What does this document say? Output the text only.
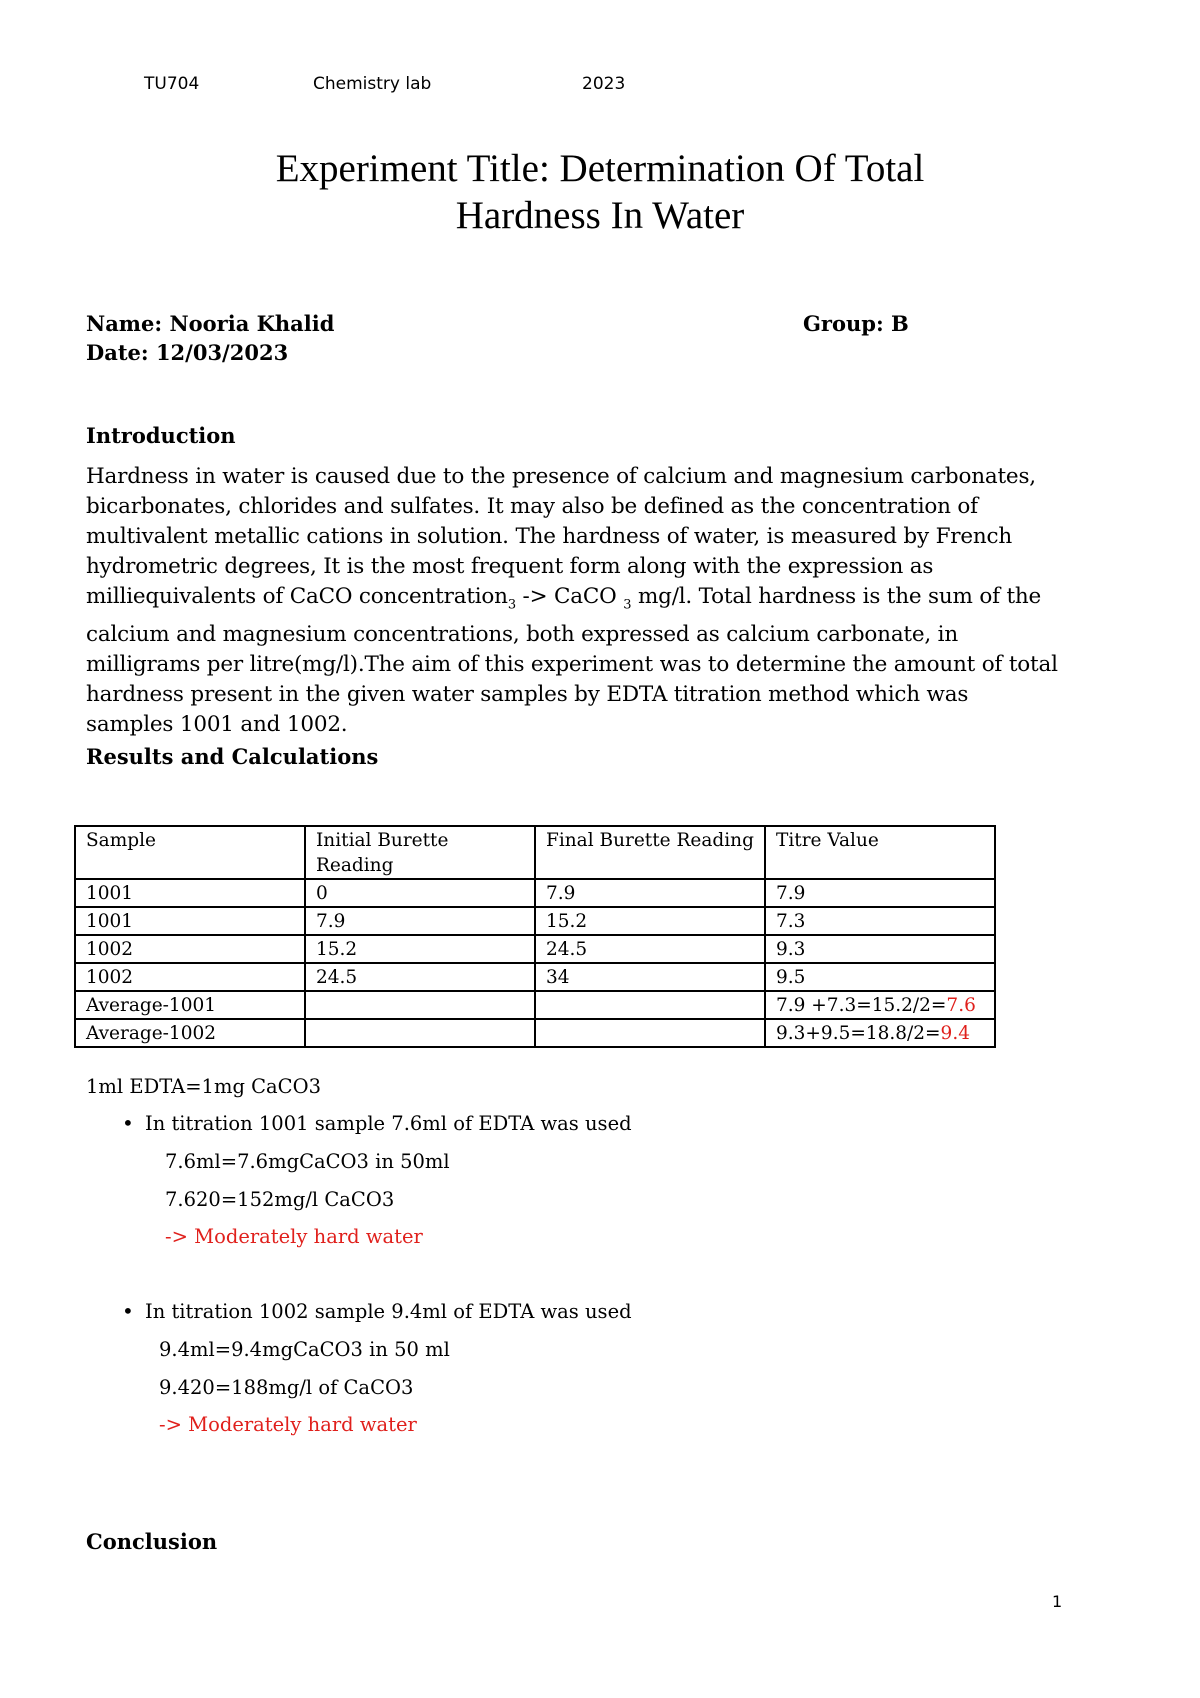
TU704	Chemistry lab	2023
Experiment Title: Determination Of Total
Hardness In Water
Name: Nooria Khalid	Group: B
Date: 12/03/2023
Introduction

Hardness in water is caused due to the presence of calcium and magnesium carbonates, bicarbonates, chlorides and sulfates. It may also be defined as the concentration of multivalent metallic cations in solution. The hardness of water, is measured by French hydrometric degrees, It is the most frequent form along with the expression as milliequivalents of CaCO concentration$_3$ -> CaCO $_3$ mg/l. Total hardness is the sum of the calcium and magnesium concentrations, both expressed as calcium carbonate, in milligrams per litre(mg/l).The aim of this experiment was to determine the amount of total hardness present in the given water samples by EDTA titration method which was samples 1001 and 1002.

Results and Calculations
Sample	Initial Burette Reading	Final Burette Reading	Titre Value
1001	0	7.9	7.9
1001	7.9	15.2	7.3
1002	15.2	24.5	9.3
1002	24.5	34	9.5
Average-1001			7.9 +7.3=15.2/2=7.6
Average-1002			9.3+9.5=18.8/2=9.4
1ml EDTA=1mg CaCO3
• In titration 1001 sample 7.6ml of EDTA was used
7.6ml=7.6mgCaCO3 in 50ml
7.620=152mg/l CaCO3
-> Moderately hard water
• In titration 1002 sample 9.4ml of EDTA was used
9.4ml=9.4mgCaCO3 in 50 ml
9.420=188mg/l of CaCO3
-> Moderately hard water
Conclusion
1
